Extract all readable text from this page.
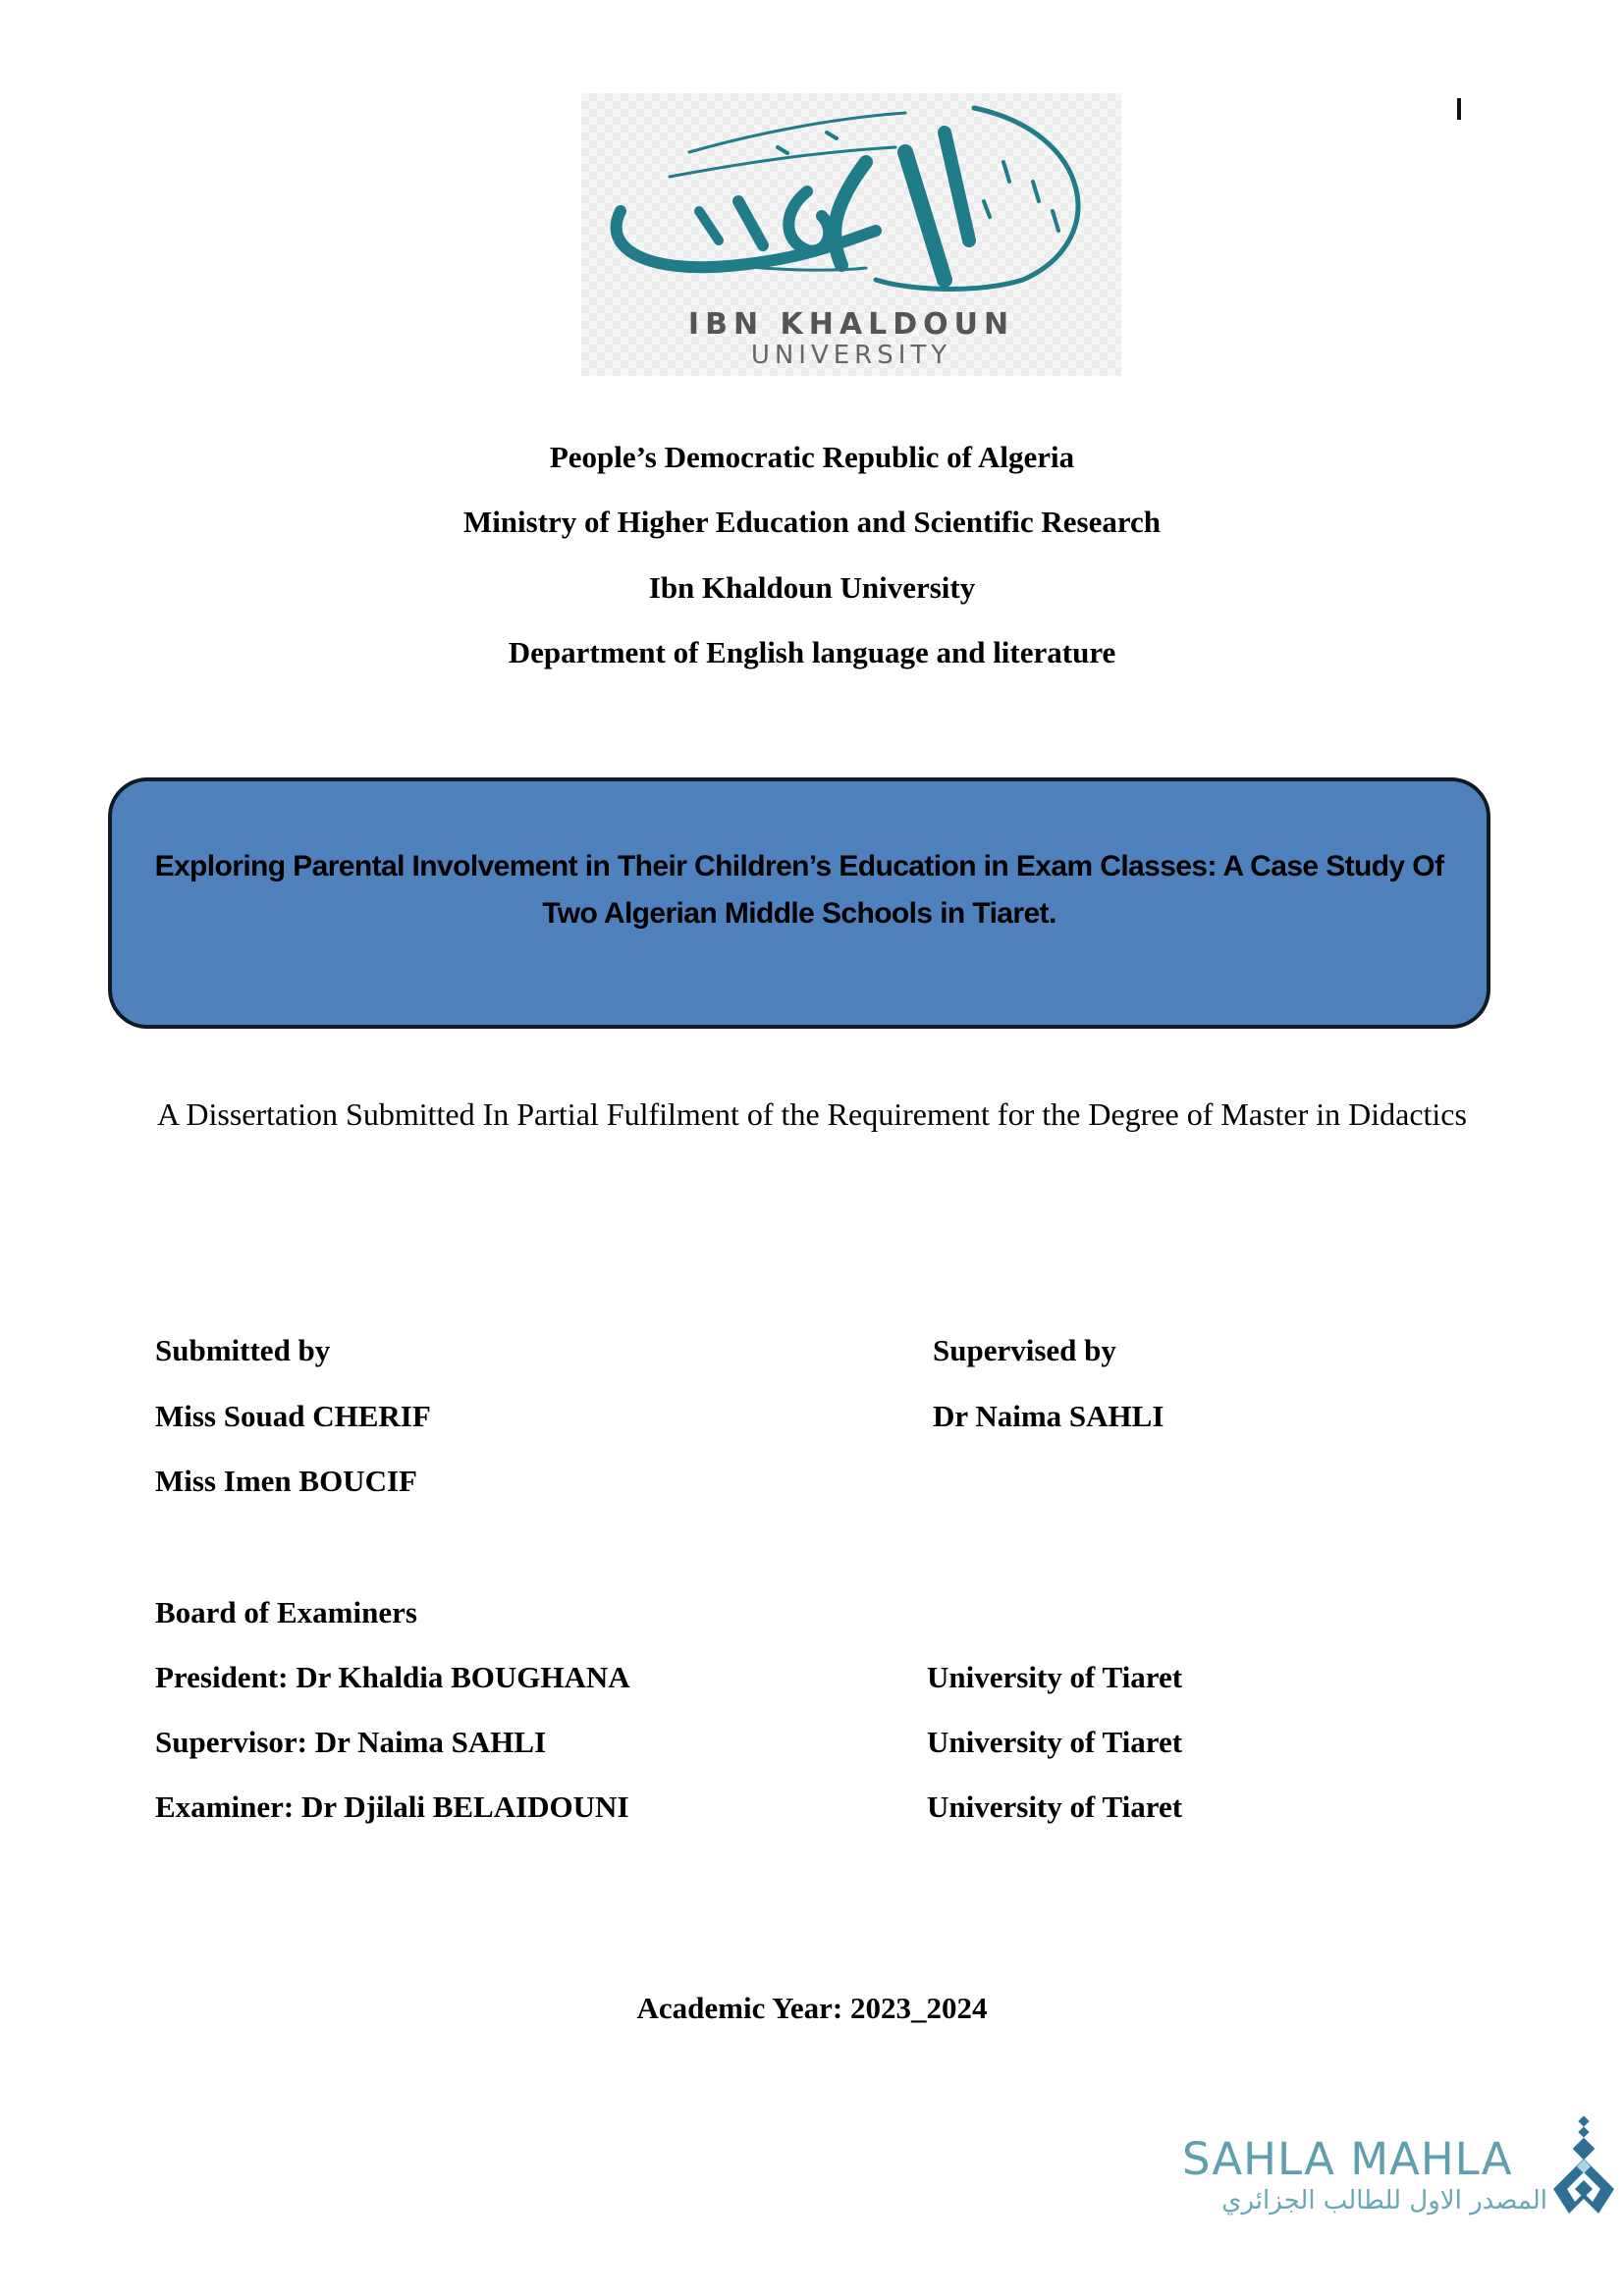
IBN KHALDOUN
UNIVERSITY
People’s Democratic Republic of Algeria
Ministry of Higher Education and Scientific Research
Ibn Khaldoun University
Department of English language and literature
Exploring Parental Involvement in Their Children’s Education in Exam Classes: A Case Study Of Two Algerian Middle Schools in Tiaret.
A Dissertation Submitted In Partial Fulfilment of the Requirement for the Degree of Master in Didactics
Submitted by
Miss Souad CHERIF
Miss Imen BOUCIF
Supervised by
Dr Naima SAHLI
Board of Examiners
President: Dr Khaldia BOUGHANA	University of Tiaret
Supervisor: Dr Naima SAHLI	University of Tiaret
Examiner: Dr Djilali BELAIDOUNI	University of Tiaret
Academic Year: 2023_2024
SAHLA MAHLA
المصدر الاول للطالب الجزائري
